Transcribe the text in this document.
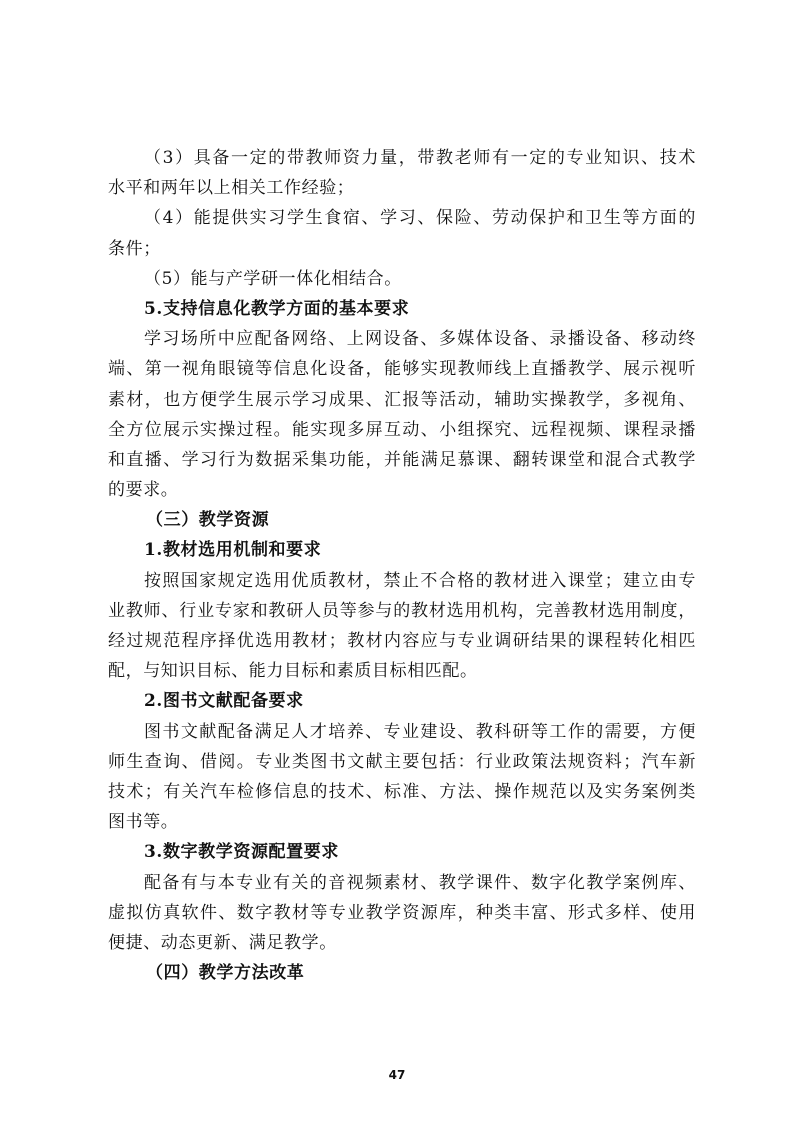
（3）具备一定的带教师资力量，带教老师有一定的专业知识、技术
水平和两年以上相关工作经验；
（4）能提供实习学生食宿、学习、保险、劳动保护和卫生等方面的
条件；
（5）能与产学研一体化相结合。
5.支持信息化教学方面的基本要求
学习场所中应配备网络、上网设备、多媒体设备、录播设备、移动终
端、第一视角眼镜等信息化设备，能够实现教师线上直播教学、展示视听
素材，也方便学生展示学习成果、汇报等活动，辅助实操教学，多视角、
全方位展示实操过程。能实现多屏互动、小组探究、远程视频、课程录播
和直播、学习行为数据采集功能，并能满足慕课、翻转课堂和混合式教学
的要求。
（三）教学资源
1.教材选用机制和要求
按照国家规定选用优质教材，禁止不合格的教材进入课堂；建立由专
业教师、行业专家和教研人员等参与的教材选用机构，完善教材选用制度，
经过规范程序择优选用教材；教材内容应与专业调研结果的课程转化相匹
配，与知识目标、能力目标和素质目标相匹配。
2.图书文献配备要求
图书文献配备满足人才培养、专业建设、教科研等工作的需要，方便
师生查询、借阅。专业类图书文献主要包括：行业政策法规资料；汽车新
技术；有关汽车检修信息的技术、标准、方法、操作规范以及实务案例类
图书等。
3.数字教学资源配置要求
配备有与本专业有关的音视频素材、教学课件、数字化教学案例库、
虚拟仿真软件、数字教材等专业教学资源库，种类丰富、形式多样、使用
便捷、动态更新、满足教学。
（四）教学方法改革
47
